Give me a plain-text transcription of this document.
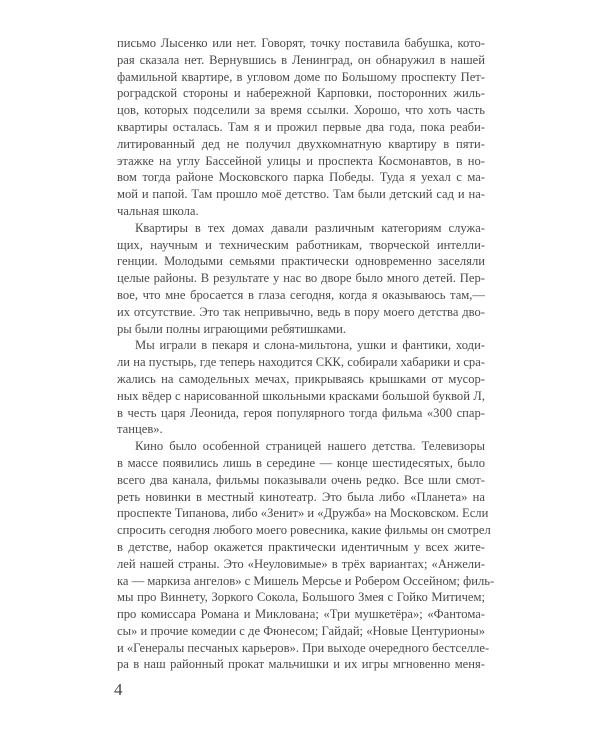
письмо Лысенко или нет. Говорят, точку поставила бабушка, кото-
рая сказала нет. Вернувшись в Ленинград, он обнаружил в нашей
фамильной квартире, в угловом доме по Большому проспекту Пет-
роградской стороны и набережной Карповки, посторонних жиль-
цов, которых подселили за время ссылки. Хорошо, что хоть часть
квартиры осталась. Там я и прожил первые два года, пока реаби-
литированный дед не получил двухкомнатную квартиру в пяти-
этажке на углу Бассейной улицы и проспекта Космонавтов, в но-
вом тогда районе Московского парка Победы. Туда я уехал с ма-
мой и папой. Там прошло моё детство. Там были детский сад и на-
чальная школа.
Квартиры в тех домах давали различным категориям служа-
щих, научным и техническим работникам, творческой интелли-
генции. Молодыми семьями практически одновременно заселяли
целые районы. В результате у нас во дворе было много детей. Пер-
вое, что мне бросается в глаза сегодня, когда я оказываюсь там,—
их отсутствие. Это так непривычно, ведь в пору моего детства дво-
ры были полны играющими ребятишками.
Мы играли в пекаря и слона-мильтона, ушки и фантики, ходи-
ли на пустырь, где теперь находится СКК, собирали хабарики и сра-
жались на самодельных мечах, прикрываясь крышками от мусор-
ных вёдер с нарисованной школьными красками большой буквой Л,
в честь царя Леонида, героя популярного тогда фильма «300 спар-
танцев».
Кино было особенной страницей нашего детства. Телевизоры
в массе появились лишь в середине — конце шестидесятых, было
всего два канала, фильмы показывали очень редко. Все шли смот-
реть новинки в местный кинотеатр. Это была либо «Планета» на
проспекте Типанова, либо «Зенит» и «Дружба» на Московском. Если
спросить сегодня любого моего ровесника, какие фильмы он смотрел
в детстве, набор окажется практически идентичным у всех жите-
лей нашей страны. Это «Неуловимые» в трёх вариантах; «Анжели-
ка — маркиза ангелов» с Мишель Мерсье и Робером Оссейном; филь-
мы про Виннету, Зоркого Сокола, Большого Змея с Гойко Митичем;
про комиссара Романа и Миклована; «Три мушкетёра»; «Фантома-
сы» и прочие комедии с де Фюнесом; Гайдай; «Новые Центурионы»
и «Генералы песчаных карьеров». При выходе очередного бестселле-
ра в наш районный прокат мальчишки и их игры мгновенно меня-
4
